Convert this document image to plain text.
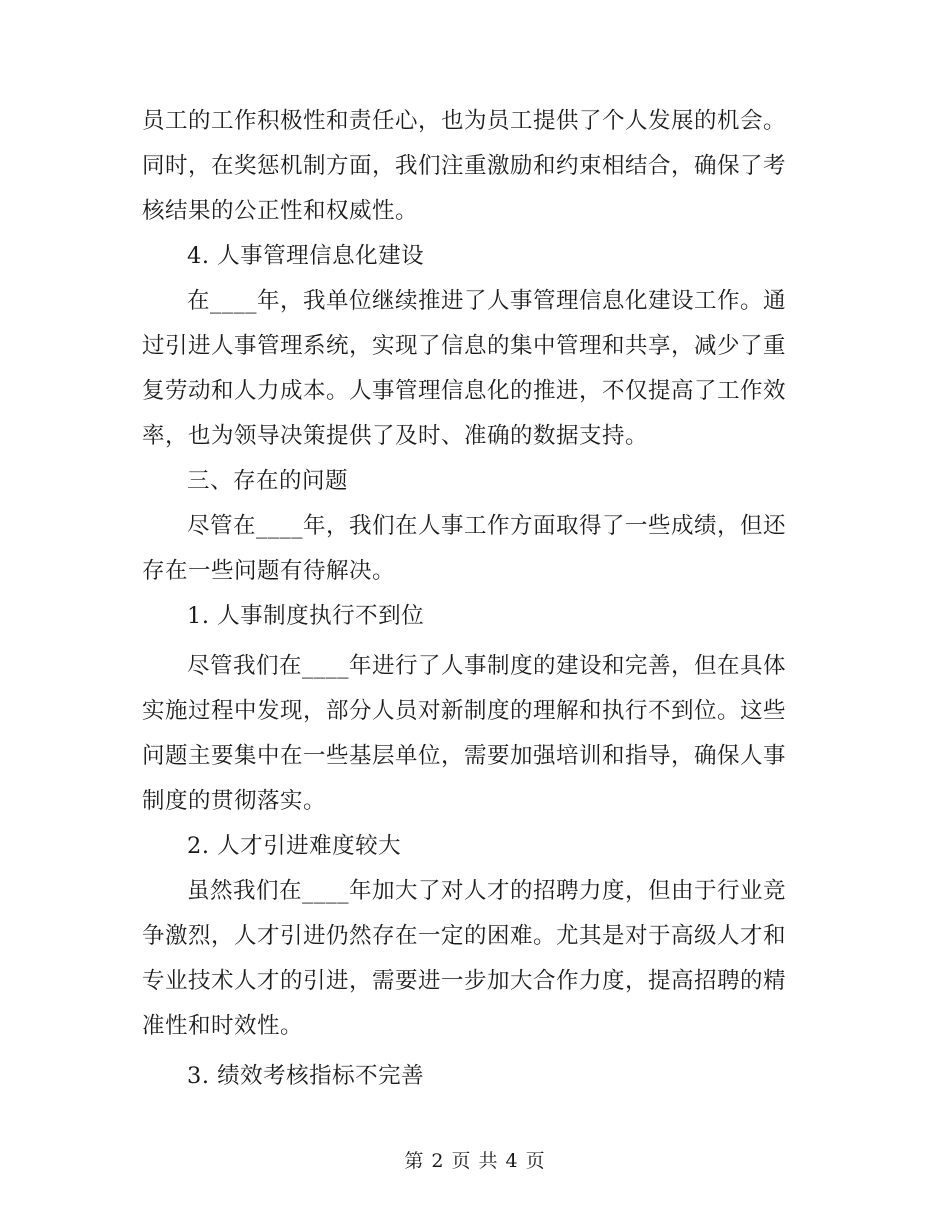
员工的工作积极性和责任心，也为员工提供了个人发展的机会。
同时，在奖惩机制方面，我们注重激励和约束相结合，确保了考
核结果的公正性和权威性。
4. 人事管理信息化建设
在____年，我单位继续推进了人事管理信息化建设工作。通
过引进人事管理系统，实现了信息的集中管理和共享，减少了重
复劳动和人力成本。人事管理信息化的推进，不仅提高了工作效
率，也为领导决策提供了及时、准确的数据支持。
三、存在的问题
尽管在____年，我们在人事工作方面取得了一些成绩，但还
存在一些问题有待解决。
1. 人事制度执行不到位
尽管我们在____年进行了人事制度的建设和完善，但在具体
实施过程中发现，部分人员对新制度的理解和执行不到位。这些
问题主要集中在一些基层单位，需要加强培训和指导，确保人事
制度的贯彻落实。
2. 人才引进难度较大
虽然我们在____年加大了对人才的招聘力度，但由于行业竞
争激烈，人才引进仍然存在一定的困难。尤其是对于高级人才和
专业技术人才的引进，需要进一步加大合作力度，提高招聘的精
准性和时效性。
3. 绩效考核指标不完善
第 2 页 共 4 页
